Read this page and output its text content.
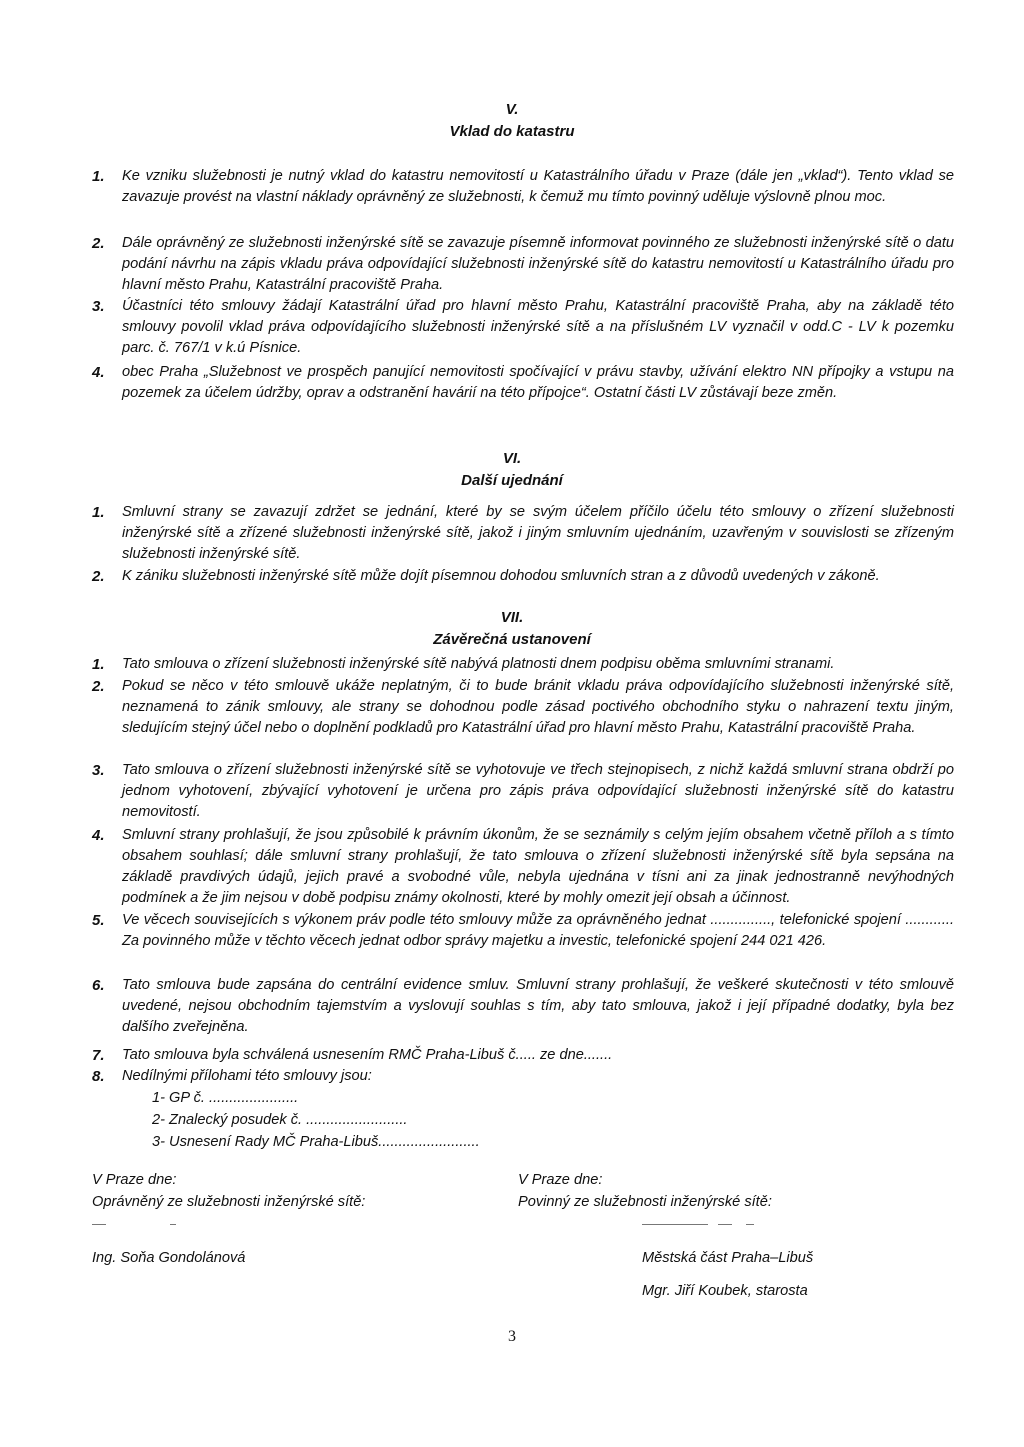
V.
Vklad do katastru
1.	Ke vzniku služebnosti je nutný vklad do katastru nemovitostí u Katastrálního úřadu v Praze (dále jen „vklad“). Tento vklad se zavazuje provést na vlastní náklady oprávněný ze služebnosti, k čemuž mu tímto povinný uděluje výslovně plnou moc.
2.	Dále oprávněný ze služebnosti inženýrské sítě se zavazuje písemně informovat povinného ze služebnosti inženýrské sítě o datu podání návrhu na zápis vkladu práva odpovídající služebnosti inženýrské sítě do katastru nemovitostí u Katastrálního úřadu pro hlavní město Prahu, Katastrální pracoviště Praha.
3.	Účastníci této smlouvy žádají Katastrální úřad pro hlavní město Prahu, Katastrální pracoviště Praha, aby na základě této smlouvy povolil vklad práva odpovídajícího služebnosti inženýrské sítě a na příslušném LV vyznačil v odd.C - LV k pozemku parc. č. 767/1 v k.ú Písnice.
4.	obec Praha „Služebnost ve prospěch panující nemovitosti spočívající v právu stavby, užívání elektro NN přípojky a vstupu na pozemek za účelem údržby, oprav a odstranění havárií na této přípojce“. Ostatní části LV zůstávají beze změn.
VI.
Další ujednání
1.	Smluvní strany se zavazují zdržet se jednání, které by se svým účelem příčilo účelu této smlouvy o zřízení služebnosti inženýrské sítě a zřízené služebnosti inženýrské sítě, jakož i jiným smluvním ujednáním, uzavřeným v souvislosti se zřízeným služebnosti inženýrské sítě.
2.	K zániku služebnosti inženýrské sítě může dojít písemnou dohodou smluvních stran a z důvodů uvedených v zákoně.
VII.
Závěrečná ustanovení
1.	Tato smlouva o zřízení služebnosti inženýrské sítě nabývá platnosti dnem podpisu oběma smluvními stranami.
2.	Pokud se něco v této smlouvě ukáže neplatným, či to bude bránit vkladu práva odpovídajícího služebnosti inženýrské sítě, neznamená to zánik smlouvy, ale strany se dohodnou podle zásad poctivého obchodního styku o nahrazení textu jiným, sledujícím stejný účel nebo o doplnění podkladů pro Katastrální úřad pro hlavní město Prahu, Katastrální pracoviště Praha.
3.	Tato smlouva o zřízení služebnosti inženýrské sítě se vyhotovuje ve třech stejnopisech, z nichž každá smluvní strana obdrží po jednom vyhotovení, zbývající vyhotovení je určena pro zápis práva odpovídající služebnosti inženýrské sítě do katastru nemovitostí.
4.	Smluvní strany prohlašují, že jsou způsobilé k právním úkonům, že se seznámily s celým jejím obsahem včetně příloh a s tímto obsahem souhlasí; dále smluvní strany prohlašují, že tato smlouva o zřízení služebnosti inženýrské sítě byla sepsána na základě pravdivých údajů, jejich pravé a svobodné vůle, nebyla ujednána v tísni ani za jinak jednostranně nevýhodných podmínek a že jim nejsou v době podpisu známy okolnosti, které by mohly omezit její obsah a účinnost.
5.	Ve věcech souvisejících s výkonem práv podle této smlouvy může za oprávněného jednat ..............., telefonické spojení ............ Za povinného může v těchto věcech jednat odbor správy majetku a investic, telefonické spojení 244 021 426.
6.	Tato smlouva bude zapsána do centrální evidence smluv. Smluvní strany prohlašují, že veškeré skutečnosti v této smlouvě uvedené, nejsou obchodním tajemstvím a vyslovují souhlas s tím, aby tato smlouva, jakož i její případné dodatky, byla bez dalšího zveřejněna.
7.	Tato smlouva byla schválená usnesením RMČ Praha-Libuš č..... ze dne.......
8.	Nedílnými přílohami této smlouvy jsou:
1- GP č. ......................
2- Znalecký posudek č. .........................
3- Usnesení Rady MČ Praha-Libuš.........................
V Praze dne:
Oprávněný ze služebnosti inženýrské sítě:
Ing. Soňa Gondolánová
V Praze dne:
Povinný ze služebnosti inženýrské sítě:
Městská část Praha–Libuš
Mgr. Jiří Koubek, starosta
3
